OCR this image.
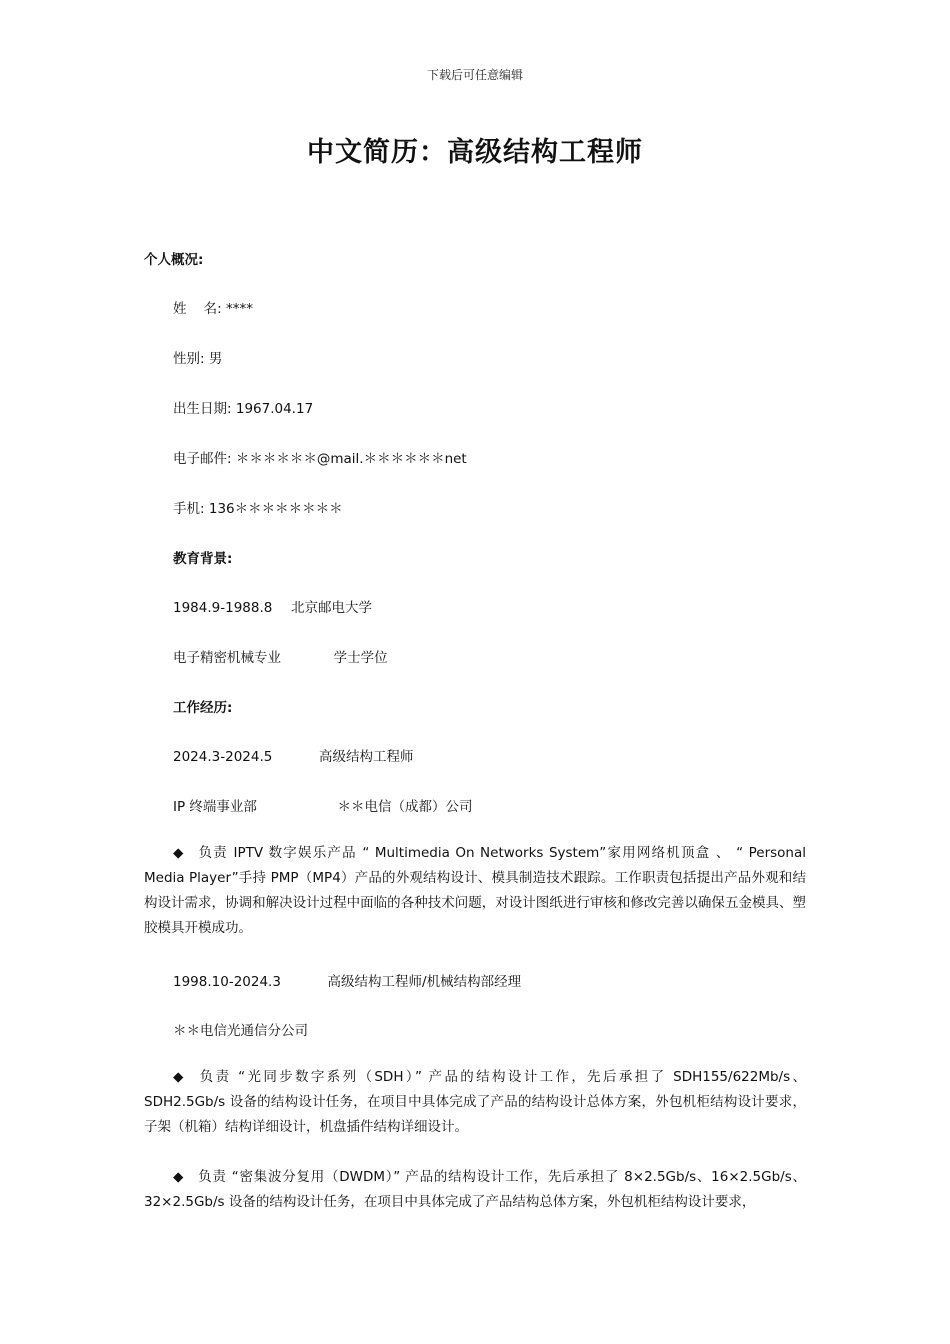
下载后可任意编辑
中文简历：高级结构工程师
个人概况:
姓    名: ****
性别: 男
出生日期: 1967.04.17
电子邮件: ＊＊＊＊＊＊@mail.＊＊＊＊＊＊net
手机: 136＊＊＊＊＊＊＊＊
教育背景:
1984.9-1988.8 北京邮电大学
电子精密机械专业	学士学位
工作经历:
2024.3-2024.5	高级结构工程师
IP 终端事业部	＊＊电信（成都）公司
◆ 负责 IPTV 数字娱乐产品 “ Multimedia On Networks System”家用网络机顶盒 、 “ Personal Media Player”手持 PMP（MP4）产品的外观结构设计、模具制造技术跟踪。工作职责包括提出产品外观和结构设计需求，协调和解决设计过程中面临的各种技术问题，对设计图纸进行审核和修改完善以确保五金模具、塑胶模具开模成功。
1998.10-2024.3	高级结构工程师/机械结构部经理
＊＊电信光通信分公司
◆ 负责 “光同步数字系列（SDH）” 产品的结构设计工作，先后承担了 SDH155/622Mb/s、SDH2.5Gb/s 设备的结构设计任务，在项目中具体完成了产品的结构设计总体方案，外包机柜结构设计要求，子架（机箱）结构详细设计，机盘插件结构详细设计。
◆ 负责 “密集波分复用（DWDM）” 产品的结构设计工作，先后承担了 8×2.5Gb/s、16×2.5Gb/s、32×2.5Gb/s 设备的结构设计任务，在项目中具体完成了产品结构总体方案，外包机柜结构设计要求，
